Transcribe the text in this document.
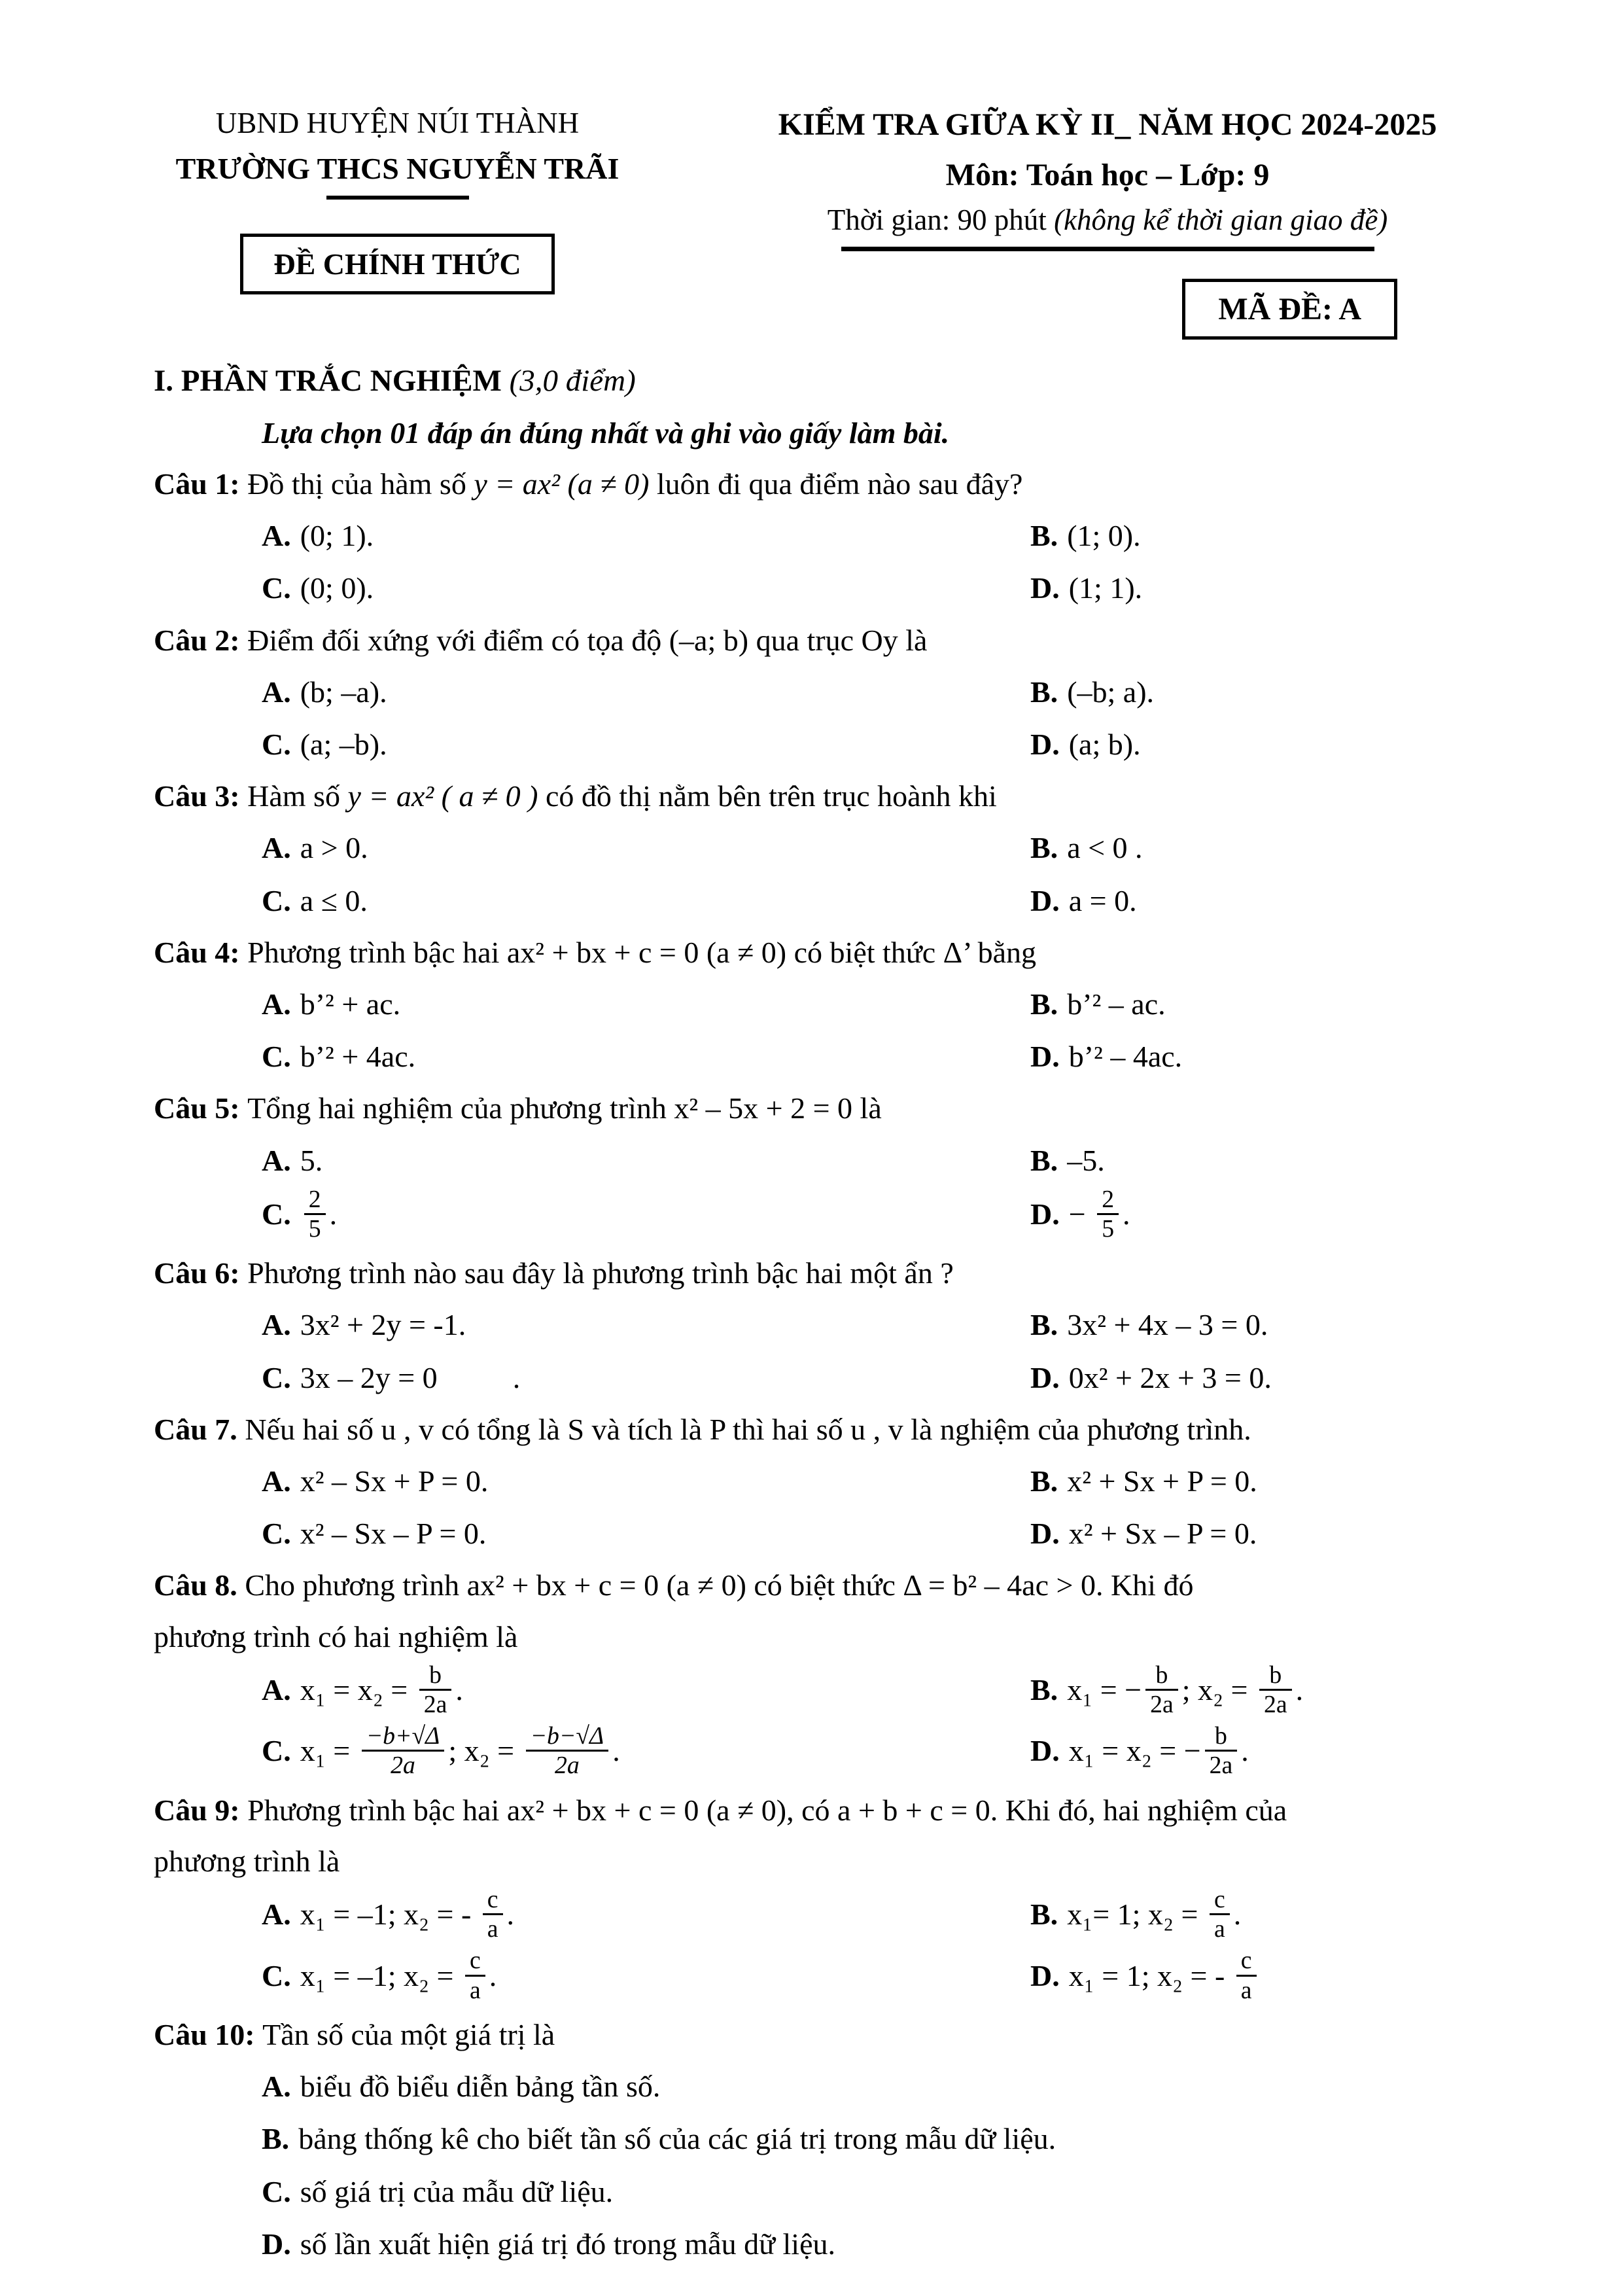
UBND HUYỆN NÚI THÀNH
TRƯỜNG THCS NGUYỄN TRÃI
ĐỀ CHÍNH THỨC
KIỂM TRA GIỮA KỲ II_ NĂM HỌC 2024-2025
Môn: Toán học – Lớp: 9
Thời gian: 90 phút (không kể thời gian giao đề)
MÃ ĐỀ: A
I. PHẦN TRẮC NGHIỆM (3,0 điểm)
Lựa chọn 01 đáp án đúng nhất và ghi vào giấy làm bài.
Câu 1: Đồ thị của hàm số y = ax² (a ≠ 0) luôn đi qua điểm nào sau đây?
A. (0; 1).	B. (1; 0).
C. (0; 0).	D. (1; 1).
Câu 2: Điểm đối xứng với điểm có tọa độ (–a; b) qua trục Oy là
A. (b; –a).	B. (–b; a).
C. (a; –b).	D. (a; b).
Câu 3: Hàm số y = ax² ( a ≠ 0 ) có đồ thị nằm bên trên trục hoành khi
A. a > 0.	B. a < 0 .
C. a ≤ 0.	D. a = 0.
Câu 4: Phương trình bậc hai ax² + bx + c = 0 (a ≠ 0) có biệt thức Δ’ bằng
A. b’² + ac.	B. b’² – ac.
C. b’² + 4ac.	D. b’² – 4ac.
Câu 5: Tổng hai nghiệm của phương trình x² – 5x + 2 = 0 là
A. 5.	B. –5.
C. $\frac{2}{5}$ .	D. − $\frac{2}{5}$ .
Câu 6: Phương trình nào sau đây là phương trình bậc hai một ẩn ?
A. 3x² + 2y = -1.	B. 3x² + 4x – 3 = 0.
C. 3x – 2y = 0          .	D. 0x² + 2x + 3 = 0.
Câu 7. Nếu hai số u , v có tổng là S và tích là P thì hai số u , v là nghiệm của phương trình.
A. x² – Sx + P = 0.	B. x² + Sx + P = 0.
C. x² – Sx – P = 0.	D. x² + Sx – P = 0.
Câu 8. Cho phương trình ax² + bx + c = 0 (a ≠ 0) có biệt thức Δ = b² – 4ac > 0. Khi đó
phương trình có hai nghiệm là
A. $x_1 = x_2 = \frac{b}{2a}$ .	B. x₁ = − $\frac{b}{2a}$ ; $x_2 = \frac{b}{2a}$ .
C. $x_1 = \frac{-b+√\Delta}{2a}$ ; $x_2 = \frac{-b-√\Delta}{2a}$ .	D. x₁ = x₂ = − $\frac{b}{2a}$ .
Câu 9: Phương trình bậc hai ax² + bx + c = 0 (a ≠ 0), có a + b + c = 0. Khi đó, hai nghiệm của
phương trình là
A. x₁ = –1; x₂ = - $\frac{c}{a}$ .	B. x₁= 1; $x_2 = \frac{c}{a}$ .
C. x₁ = –1; $x_2 = \frac{c}{a}$ .	D. x₁ = 1; x₂ = - $\frac{c}{a}$
Câu 10: Tần số của một giá trị là
A. biểu đồ biểu diễn bảng tần số.
B. bảng thống kê cho biết tần số của các giá trị trong mẫu dữ liệu.
C. số giá trị của mẫu dữ liệu.
D. số lần xuất hiện giá trị đó trong mẫu dữ liệu.
